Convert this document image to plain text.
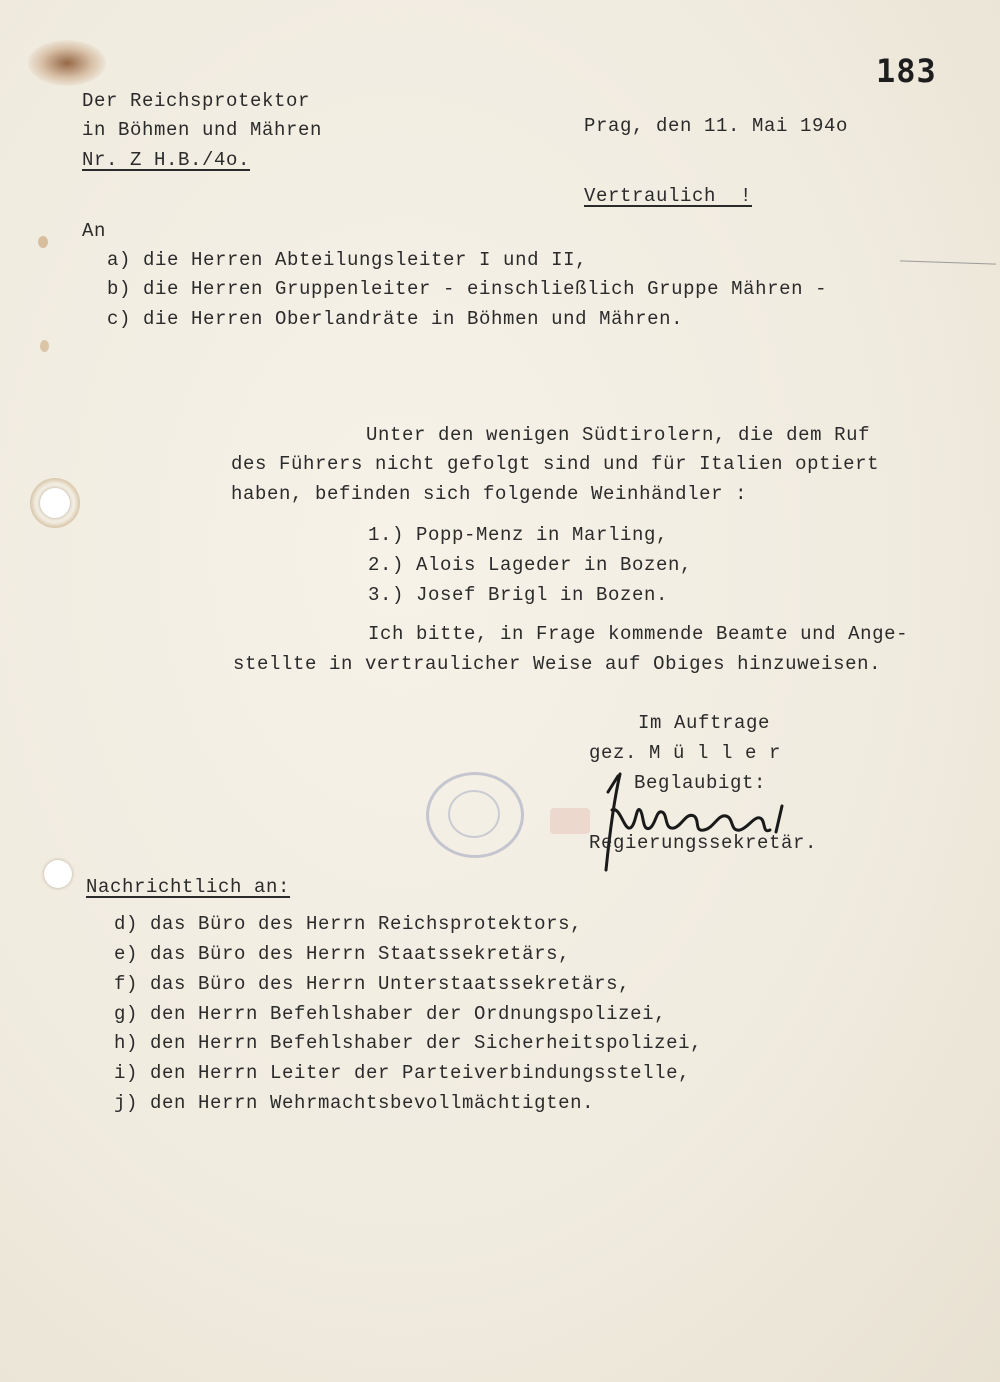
183
Der Reichsprotektor
in Böhmen und Mähren
Nr. Z H.B./4o.
Prag, den 11. Mai 194o
Vertraulich  !
An
a) die Herren Abteilungsleiter I und II,
b) die Herren Gruppenleiter - einschließlich Gruppe Mähren -
c) die Herren Oberlandräte in Böhmen und Mähren.
Unter den wenigen Südtirolern, die dem Ruf
des Führers nicht gefolgt sind und für Italien optiert
haben, befinden sich folgende Weinhändler :
1.) Popp-Menz in Marling,
2.) Alois Lageder in Bozen,
3.) Josef Brigl in Bozen.
Ich bitte, in Frage kommende Beamte und Ange-
stellte in vertraulicher Weise auf Obiges hinzuweisen.
Im Auftrage
gez. M ü l l e r
Beglaubigt:
Regierungssekretär.
Nachrichtlich an:
d) das Büro des Herrn Reichsprotektors,
e) das Büro des Herrn Staatssekretärs,
f) das Büro des Herrn Unterstaatssekretärs,
g) den Herrn Befehlshaber der Ordnungspolizei,
h) den Herrn Befehlshaber der Sicherheitspolizei,
i) den Herrn Leiter der Parteiverbindungsstelle,
j) den Herrn Wehrmachtsbevollmächtigten.
